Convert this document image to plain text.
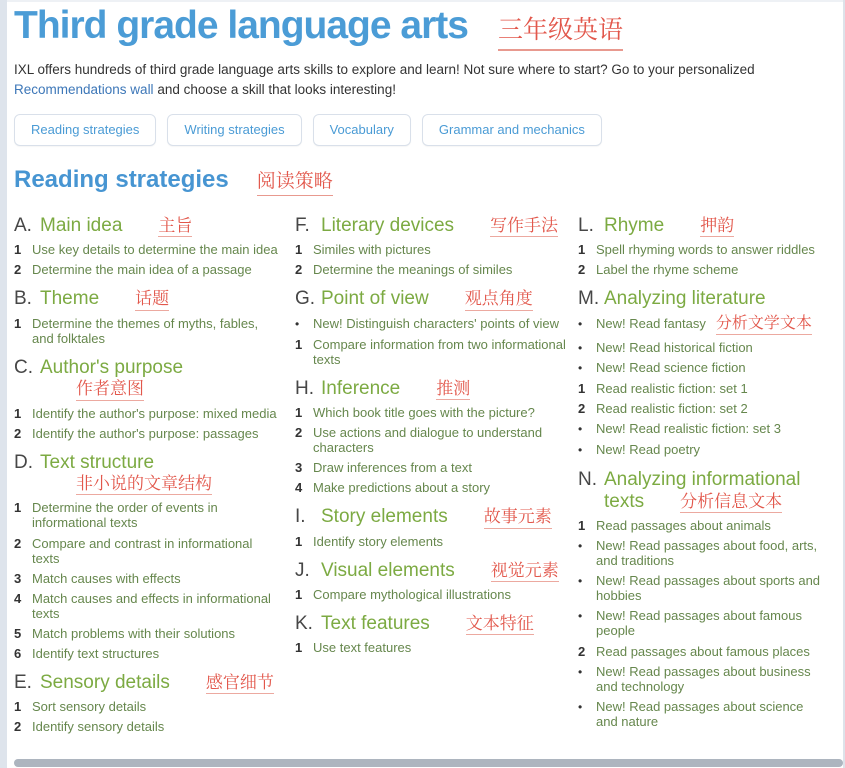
Third grade language arts 三年级英语
IXL offers hundreds of third grade language arts skills to explore and learn! Not sure where to start? Go to your personalized Recommendations wall and choose a skill that looks interesting!
Reading strategies	Writing strategies	Vocabulary	Grammar and mechanics
Reading strategies 阅读策略
A. Main idea 主旨
1 Use key details to determine the main idea
2 Determine the main idea of a passage
B. Theme 话题
1 Determine the themes of myths, fables, and folktales
C. Author's purpose作者意图
1 Identify the author's purpose: mixed media
2 Identify the author's purpose: passages
D. Text structure非小说的文章结构
1 Determine the order of events in informational texts
2 Compare and contrast in informational texts
3 Match causes with effects
4 Match causes and effects in informational texts
5 Match problems with their solutions
6 Identify text structures
E. Sensory details 感官细节
1 Sort sensory details
2 Identify sensory details
F. Literary devices 写作手法
1 Similes with pictures
2 Determine the meanings of similes
G. Point of view 观点角度
•	New! Distinguish characters' points of view
1 Compare information from two informational texts
H. Inference 推测
1 Which book title goes with the picture?
2 Use actions and dialogue to understand characters
3 Draw inferences from a text
4 Make predictions about a story
I. Story elements 故事元素
1 Identify story elements
J. Visual elements 视觉元素
1 Compare mythological illustrations
K. Text features 文本特征
1 Use text features
L. Rhyme 押韵
1 Spell rhyming words to answer riddles
2 Label the rhyme scheme
M. Analyzing literature
•	New! Read fantasy 分析文学文本
•	New! Read historical fiction
•	New! Read science fiction
1 Read realistic fiction: set 1
2 Read realistic fiction: set 2
•	New! Read realistic fiction: set 3
•	New! Read poetry
N. Analyzing informational texts 分析信息文本
1 Read passages about animals
•	New! Read passages about food, arts, and traditions
•	New! Read passages about sports and hobbies
•	New! Read passages about famous people
2 Read passages about famous places
•	New! Read passages about business and technology
•	New! Read passages about science and nature
